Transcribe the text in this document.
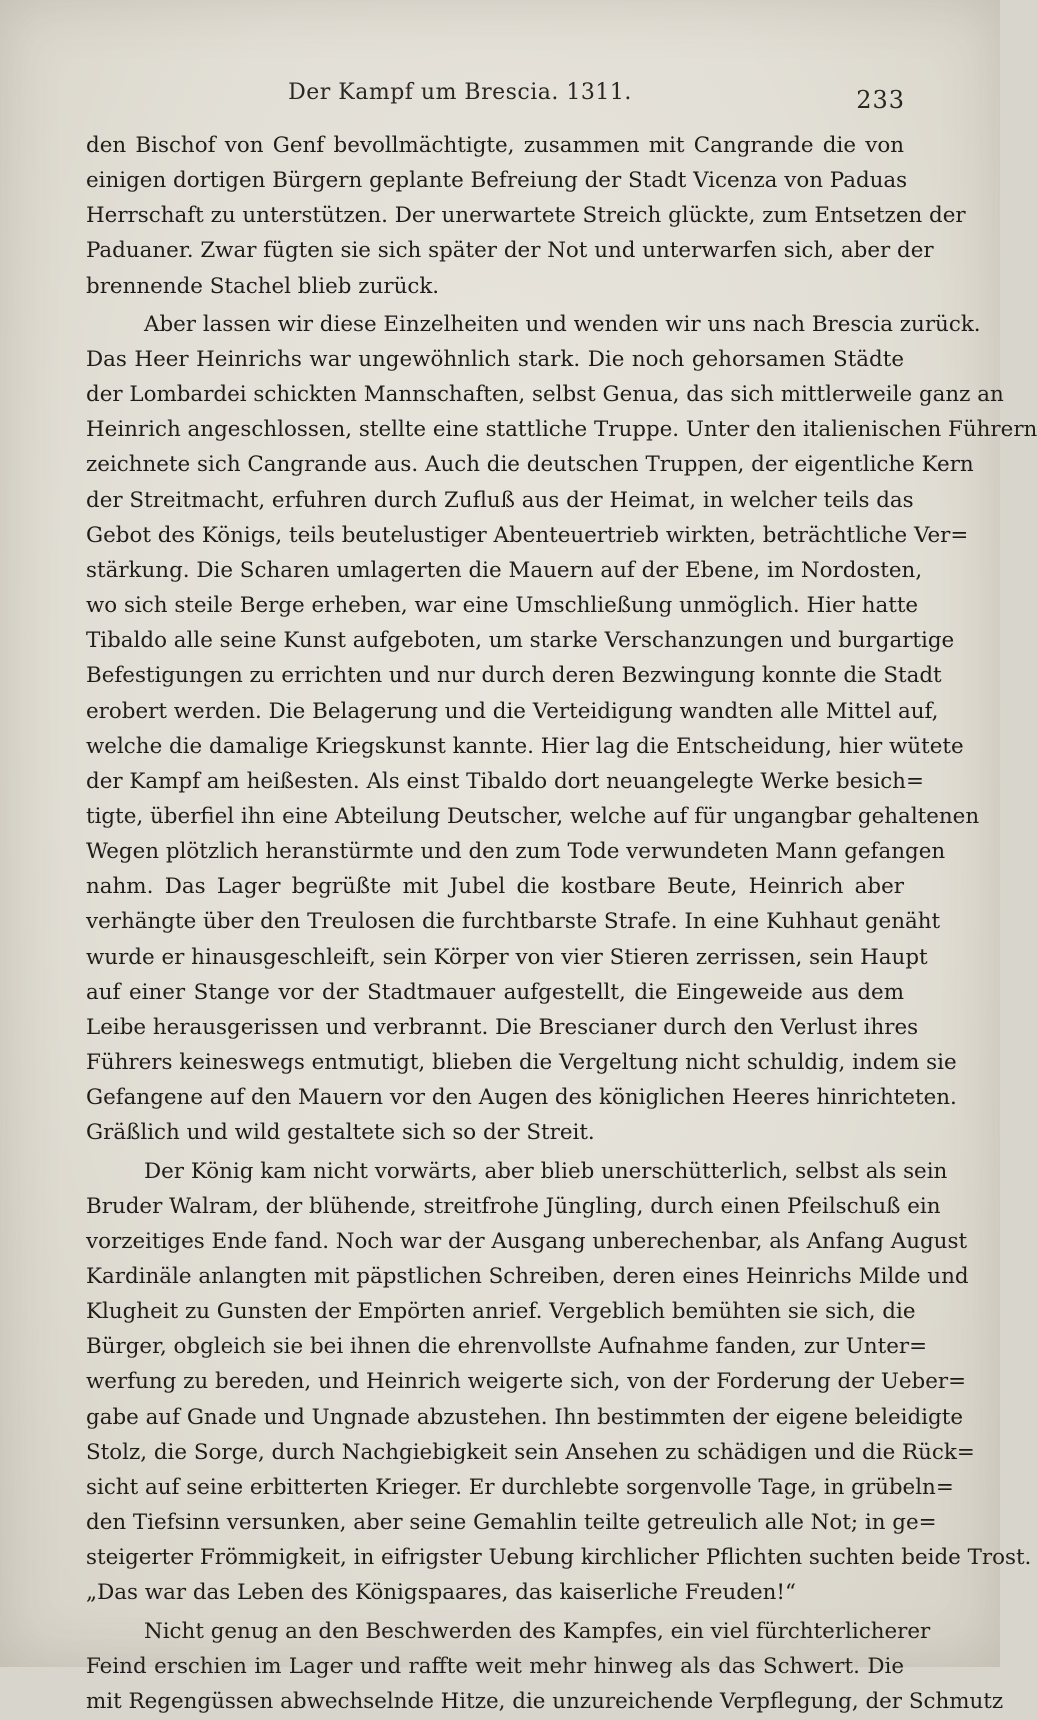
Der Kampf um Brescia. 1311.	233

den Bischof von Genf bevollmächtigte, zusammen mit Cangrande die von
einigen dortigen Bürgern geplante Befreiung der Stadt Vicenza von Paduas
Herrschaft zu unterstützen. Der unerwartete Streich glückte, zum Entsetzen der
Paduaner. Zwar fügten sie sich später der Not und unterwarfen sich, aber der
brennende Stachel blieb zurück.

Aber lassen wir diese Einzelheiten und wenden wir uns nach Brescia zurück.
Das Heer Heinrichs war ungewöhnlich stark. Die noch gehorsamen Städte
der Lombardei schickten Mannschaften, selbst Genua, das sich mittlerweile ganz an
Heinrich angeschlossen, stellte eine stattliche Truppe. Unter den italienischen Führern
zeichnete sich Cangrande aus. Auch die deutschen Truppen, der eigentliche Kern
der Streitmacht, erfuhren durch Zufluß aus der Heimat, in welcher teils das
Gebot des Königs, teils beutelustiger Abenteuertrieb wirkten, beträchtliche Ver=
stärkung. Die Scharen umlagerten die Mauern auf der Ebene, im Nordosten,
wo sich steile Berge erheben, war eine Umschließung unmöglich. Hier hatte
Tibaldo alle seine Kunst aufgeboten, um starke Verschanzungen und burgartige
Befestigungen zu errichten und nur durch deren Bezwingung konnte die Stadt
erobert werden. Die Belagerung und die Verteidigung wandten alle Mittel auf,
welche die damalige Kriegskunst kannte. Hier lag die Entscheidung, hier wütete
der Kampf am heißesten. Als einst Tibaldo dort neuangelegte Werke besich=
tigte, überfiel ihn eine Abteilung Deutscher, welche auf für ungangbar gehaltenen
Wegen plötzlich heranstürmte und den zum Tode verwundeten Mann gefangen
nahm. Das Lager begrüßte mit Jubel die kostbare Beute, Heinrich aber
verhängte über den Treulosen die furchtbarste Strafe. In eine Kuhhaut genäht
wurde er hinausgeschleift, sein Körper von vier Stieren zerrissen, sein Haupt
auf einer Stange vor der Stadtmauer aufgestellt, die Eingeweide aus dem
Leibe herausgerissen und verbrannt. Die Brescianer durch den Verlust ihres
Führers keineswegs entmutigt, blieben die Vergeltung nicht schuldig, indem sie
Gefangene auf den Mauern vor den Augen des königlichen Heeres hinrichteten.
Gräßlich und wild gestaltete sich so der Streit.

Der König kam nicht vorwärts, aber blieb unerschütterlich, selbst als sein
Bruder Walram, der blühende, streitfrohe Jüngling, durch einen Pfeilschuß ein
vorzeitiges Ende fand. Noch war der Ausgang unberechenbar, als Anfang August
Kardinäle anlangten mit päpstlichen Schreiben, deren eines Heinrichs Milde und
Klugheit zu Gunsten der Empörten anrief. Vergeblich bemühten sie sich, die
Bürger, obgleich sie bei ihnen die ehrenvollste Aufnahme fanden, zur Unter=
werfung zu bereden, und Heinrich weigerte sich, von der Forderung der Ueber=
gabe auf Gnade und Ungnade abzustehen. Ihn bestimmten der eigene beleidigte
Stolz, die Sorge, durch Nachgiebigkeit sein Ansehen zu schädigen und die Rück=
sicht auf seine erbitterten Krieger. Er durchlebte sorgenvolle Tage, in grübeln=
den Tiefsinn versunken, aber seine Gemahlin teilte getreulich alle Not; in ge=
steigerter Frömmigkeit, in eifrigster Uebung kirchlicher Pflichten suchten beide Trost.
„Das war das Leben des Königspaares, das kaiserliche Freuden!“

Nicht genug an den Beschwerden des Kampfes, ein viel fürchterlicherer
Feind erschien im Lager und raffte weit mehr hinweg als das Schwert. Die
mit Regengüssen abwechselnde Hitze, die unzureichende Verpflegung, der Schmutz
